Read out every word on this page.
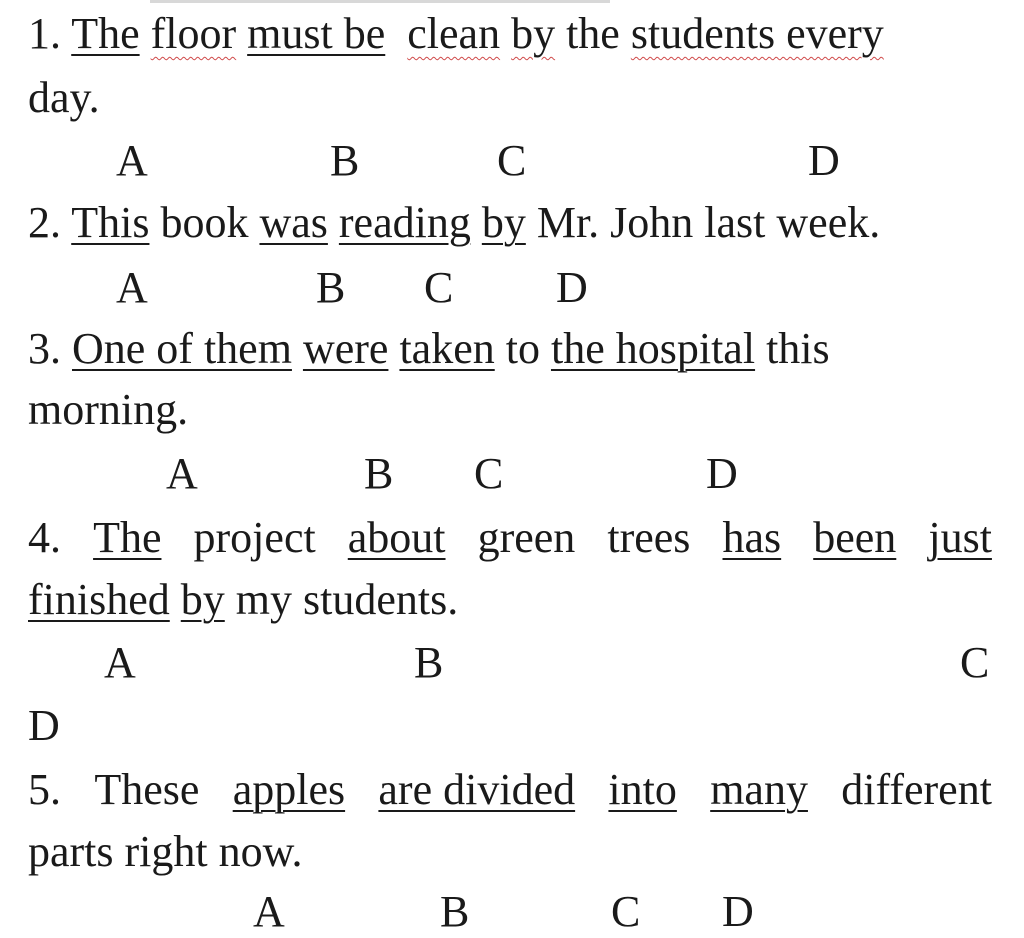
1. The floor must be clean by the students every
day.
A	B	C	D
2. This book was reading by Mr. John last week.
A	B C D
3. One of them were taken to the hospital this
morning.
A	B C	D
4. The project about green trees has been just
finished by my students.
A	B	C
D
5. These apples are divided into many different
parts right now.
A	B	C D
